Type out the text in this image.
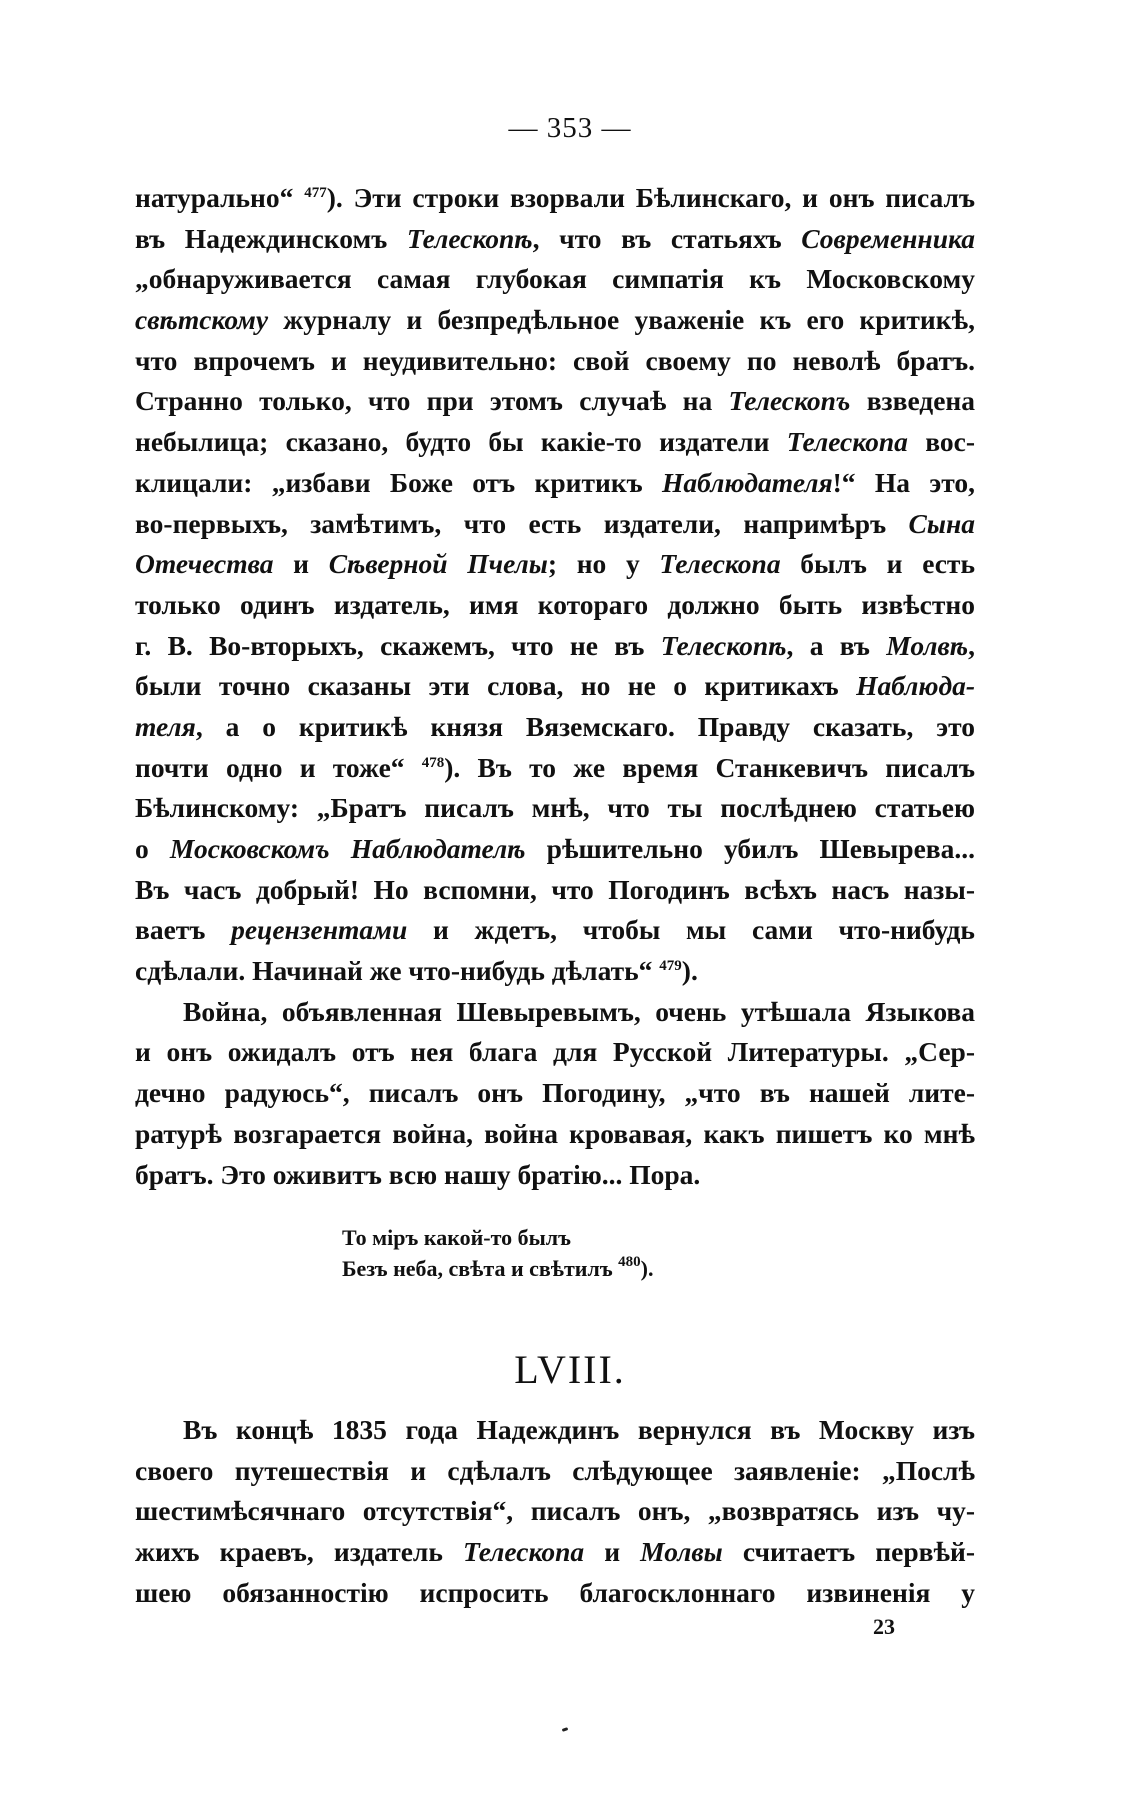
— 353 —
натурально“ $^{477}$). Эти строки взорвали Бѣлинскаго, и онъ писалъ
въ Надеждинскомъ Телескопѣ, что въ статьяхъ Современника
„обнаруживается самая глубокая симпатія къ Московскому
свѣтскому журналу и безпредѣльное уваженіе къ его критикѣ,
что впрочемъ и неудивительно: свой своему по неволѣ братъ.
Странно только, что при этомъ случаѣ на Телескопъ взведена
небылица; сказано, будто бы какіе-то издатели Телескопа вос-
клицали: „избави Боже отъ критикъ Наблюдателя!“ На это,
во-первыхъ, замѣтимъ, что есть издатели, напримѣръ Сына
Отечества и Сѣверной Пчелы; но у Телескопа былъ и есть
только одинъ издатель, имя котораго должно быть извѣстно
г. В. Во-вторыхъ, скажемъ, что не въ Телескопѣ, а въ Молвѣ,
были точно сказаны эти слова, но не о критикахъ Наблюда-
теля, а о критикѣ князя Вяземскаго. Правду сказать, это
почти одно и тоже“ $^{478}$). Въ то же время Станкевичъ писалъ
Бѣлинскому: „Братъ писалъ мнѣ, что ты послѣднею статьею
о Московскомъ Наблюдателѣ рѣшительно убилъ Шевырева...
Въ часъ добрый! Но вспомни, что Погодинъ всѣхъ насъ назы-
ваетъ рецензентами и ждетъ, чтобы мы сами что-нибудь
сдѣлали. Начинай же что-нибудь дѣлать“ $^{479}$).
Война, объявленная Шевыревымъ, очень утѣшала Языкова
и онъ ожидалъ отъ нея блага для Русской Литературы. „Сер-
дечно радуюсь“, писалъ онъ Погодину, „что въ нашей лите-
ратурѣ возгарается война, война кровавая, какъ пишетъ ко мнѣ
братъ. Это оживитъ всю нашу братію... Пора.
То міръ какой-то былъ
Безъ неба, свѣта и свѣтилъ $^{480}$).
LVIII.
Въ концѣ 1835 года Надеждинъ вернулся въ Москву изъ
своего путешествія и сдѣлалъ слѣдующее заявленіе: „Послѣ
шестимѣсячнаго отсутствія“, писалъ онъ, „возвратясь изъ чу-
жихъ краевъ, издатель Телескопа и Молвы считаетъ первѣй-
шею обязанностію испросить благосклоннаго извиненія у
23
